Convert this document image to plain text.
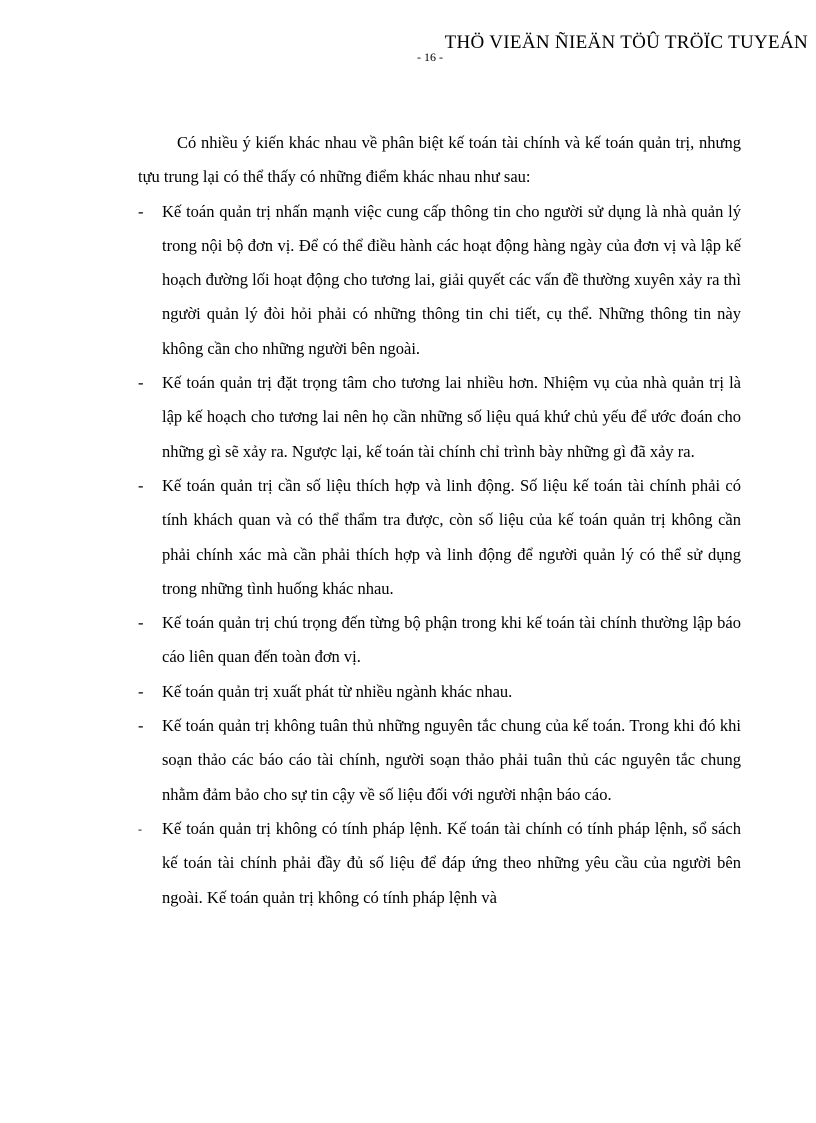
THÖ VIEÄN ÑIEÄN TÖÛ TRÖÏC TUYEÁN
- 16 -

Có nhiều ý kiến khác nhau về phân biệt kế toán tài chính và kế toán quản trị, nhưng tựu trung lại có thể thấy có những điểm khác nhau như sau:

- Kế toán quản trị nhấn mạnh việc cung cấp thông tin cho người sử dụng là nhà quản lý trong nội bộ đơn vị. Để có thể điều hành các hoạt động hàng ngày của đơn vị và lập kế hoạch đường lối hoạt động cho tương lai, giải quyết các vấn đề thường xuyên xảy ra thì người quản lý đòi hỏi phải có những thông tin chi tiết, cụ thể. Những thông tin này không cần cho những người bên ngoài.
- Kế toán quản trị đặt trọng tâm cho tương lai nhiều hơn. Nhiệm vụ của nhà quản trị là lập kế hoạch cho tương lai nên họ cần những số liệu quá khứ chủ yếu để ước đoán cho những gì sẽ xảy ra. Ngược lại, kế toán tài chính chỉ trình bày những gì đã xảy ra.
- Kế toán quản trị cần số liệu thích hợp và linh động. Số liệu kế toán tài chính phải có tính khách quan và có thể thẩm tra được, còn số liệu của kế toán quản trị không cần phải chính xác mà cần phải thích hợp và linh động để người quản lý có thể sử dụng trong những tình huống khác nhau.
- Kế toán quản trị chú trọng đến từng bộ phận trong khi kế toán tài chính thường lập báo cáo liên quan đến toàn đơn vị.
- Kế toán quản trị xuất phát từ nhiều ngành khác nhau.
- Kế toán quản trị không tuân thủ những nguyên tắc chung của kế toán. Trong khi đó khi soạn thảo các báo cáo tài chính, người soạn thảo phải tuân thủ các nguyên tắc chung nhằm đảm bảo cho sự tin cậy về số liệu đối với người nhận báo cáo.
- Kế toán quản trị không có tính pháp lệnh. Kế toán tài chính có tính pháp lệnh, sổ sách kế toán tài chính phải đầy đủ số liệu để đáp ứng theo những yêu cầu của người bên ngoài. Kế toán quản trị không có tính pháp lệnh và
